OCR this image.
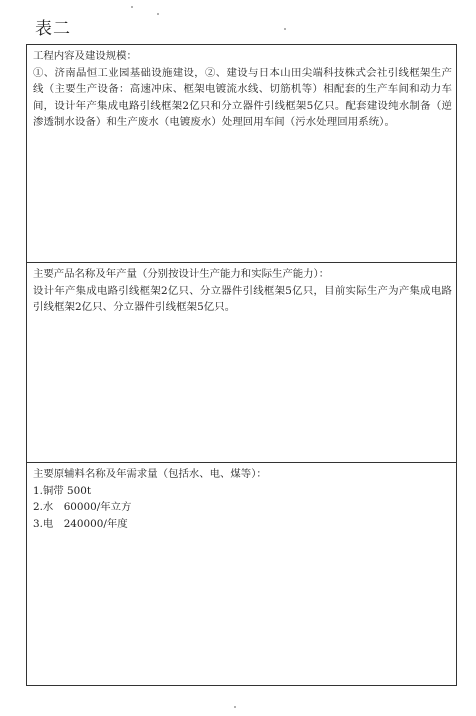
表二
工程内容及建设规模：
①、济南晶恒工业园基础设施建设，②、建设与日本山田尖端科技株式会社引线框架生产线（主要生产设备：高速冲床、框架电镀流水线、切筋机等）相配套的生产车间和动力车间，设计年产集成电路引线框架2亿只和分立器件引线框架5亿只。配套建设纯水制备（逆渗透制水设备）和生产废水（电镀废水）处理回用车间（污水处理回用系统）。
主要产品名称及年产量（分别按设计生产能力和实际生产能力）：
设计年产集成电路引线框架2亿只、分立器件引线框架5亿只，目前实际生产为产集成电路引线框架2亿只、分立器件引线框架5亿只。
主要原辅料名称及年需求量（包括水、电、煤等）：
1.铜带 500t
2.水　60000/年立方
3.电　240000/年度
